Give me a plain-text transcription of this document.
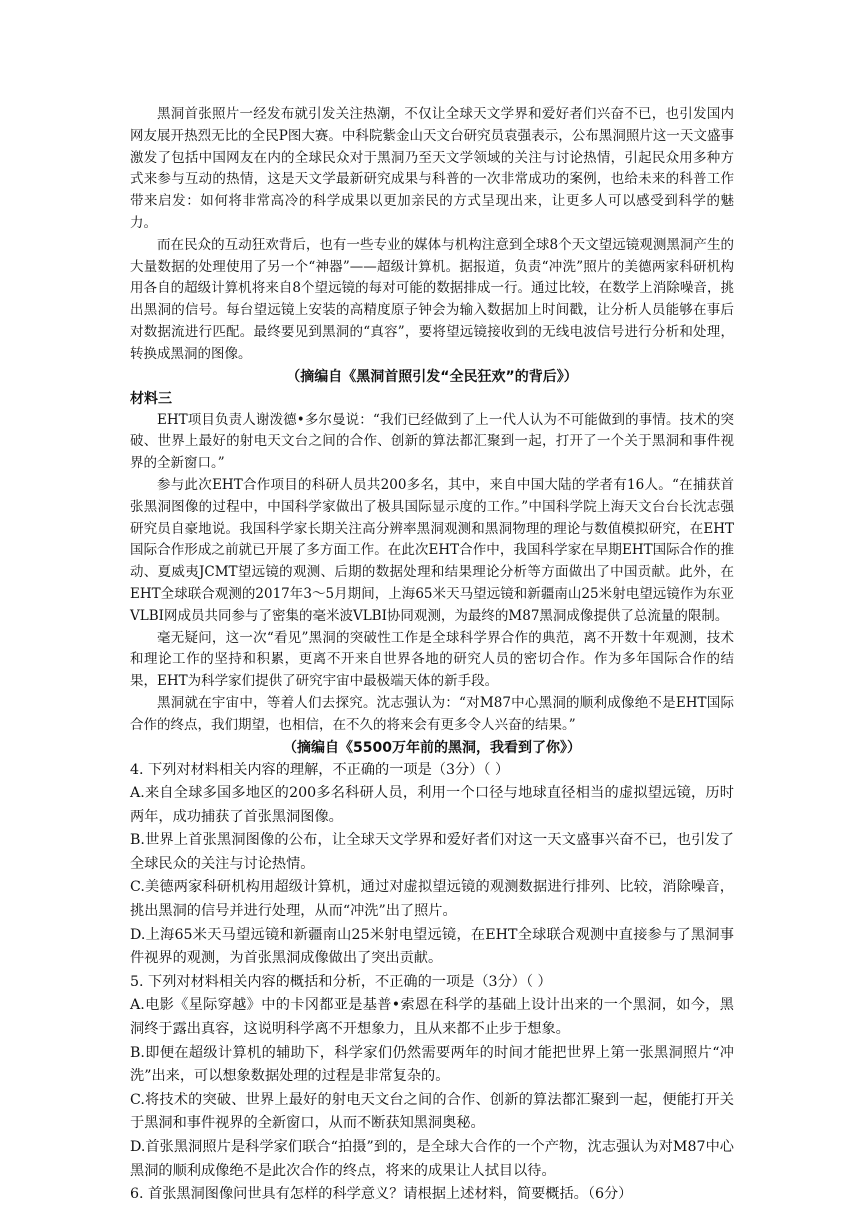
黑洞首张照片一经发布就引发关注热潮，不仅让全球天文学界和爱好者们兴奋不已，也引发国内网友展开热烈无比的全民P图大赛。中科院紫金山天文台研究员袁强表示，公布黑洞照片这一天文盛事激发了包括中国网友在内的全球民众对于黑洞乃至天文学领域的关注与讨论热情，引起民众用多种方式来参与互动的热情，这是天文学最新研究成果与科普的一次非常成功的案例，也给未来的科普工作带来启发：如何将非常高冷的科学成果以更加亲民的方式呈现出来，让更多人可以感受到科学的魅力。

而在民众的互动狂欢背后，也有一些专业的媒体与机构注意到全球8个天文望远镜观测黑洞产生的大量数据的处理使用了另一个“神器”——超级计算机。据报道，负责“冲洗”照片的美德两家科研机构用各自的超级计算机将来自8个望远镜的每对可能的数据排成一行。通过比较，在数学上消除噪音，挑出黑洞的信号。每台望远镜上安装的高精度原子钟会为输入数据加上时间戳，让分析人员能够在事后对数据流进行匹配。最终要见到黑洞的“真容”，要将望远镜接收到的无线电波信号进行分析和处理，转换成黑洞的图像。

（摘编自《黑洞首照引发“全民狂欢”的背后》）

材料三

EHT项目负责人谢泼德•多尔曼说：“我们已经做到了上一代人认为不可能做到的事情。技术的突破、世界上最好的射电天文台之间的合作、创新的算法都汇聚到一起，打开了一个关于黑洞和事件视界的全新窗口。”

参与此次EHT合作项目的科研人员共200多名，其中，来自中国大陆的学者有16人。“在捕获首张黑洞图像的过程中，中国科学家做出了极具国际显示度的工作。”中国科学院上海天文台台长沈志强研究员自豪地说。我国科学家长期关注高分辨率黑洞观测和黑洞物理的理论与数值模拟研究，在EHT国际合作形成之前就已开展了多方面工作。在此次EHT合作中，我国科学家在早期EHT国际合作的推动、夏威夷JCMT望远镜的观测、后期的数据处理和结果理论分析等方面做出了中国贡献。此外，在EHT全球联合观测的2017年3～5月期间，上海65米天马望远镜和新疆南山25米射电望远镜作为东亚VLBI网成员共同参与了密集的毫米波VLBI协同观测，为最终的M87黑洞成像提供了总流量的限制。

毫无疑问，这一次“看见”黑洞的突破性工作是全球科学界合作的典范，离不开数十年观测，技术和理论工作的坚持和积累，更离不开来自世界各地的研究人员的密切合作。作为多年国际合作的结果，EHT为科学家们提供了研究宇宙中最极端天体的新手段。

黑洞就在宇宙中，等着人们去探究。沈志强认为：“对M87中心黑洞的顺利成像绝不是EHT国际合作的终点，我们期望，也相信，在不久的将来会有更多令人兴奋的结果。”

（摘编自《5500万年前的黑洞，我看到了你》）

4. 下列对材料相关内容的理解，不正确的一项是（3分）（ ）

A.来自全球多国多地区的200多名科研人员，利用一个口径与地球直径相当的虚拟望远镜，历时两年，成功捕获了首张黑洞图像。

B.世界上首张黑洞图像的公布，让全球天文学界和爱好者们对这一天文盛事兴奋不已，也引发了全球民众的关注与讨论热情。

C.美德两家科研机构用超级计算机，通过对虚拟望远镜的观测数据进行排列、比较，消除噪音，挑出黑洞的信号并进行处理，从而“冲洗”出了照片。

D.上海65米天马望远镜和新疆南山25米射电望远镜，在EHT全球联合观测中直接参与了黑洞事件视界的观测，为首张黑洞成像做出了突出贡献。

5. 下列对材料相关内容的概括和分析，不正确的一项是（3分）（ ）

A.电影《星际穿越》中的卡冈都亚是基普•索恩在科学的基础上设计出来的一个黑洞，如今，黑洞终于露出真容，这说明科学离不开想象力，且从来都不止步于想象。

B.即便在超级计算机的辅助下，科学家们仍然需要两年的时间才能把世界上第一张黑洞照片“冲洗”出来，可以想象数据处理的过程是非常复杂的。

C.将技术的突破、世界上最好的射电天文台之间的合作、创新的算法都汇聚到一起，便能打开关于黑洞和事件视界的全新窗口，从而不断获知黑洞奥秘。

D.首张黑洞照片是科学家们联合“拍摄”到的，是全球大合作的一个产物，沈志强认为对M87中心黑洞的顺利成像绝不是此次合作的终点，将来的成果让人拭目以待。

6. 首张黑洞图像问世具有怎样的科学意义？请根据上述材料，简要概括。（6分）
